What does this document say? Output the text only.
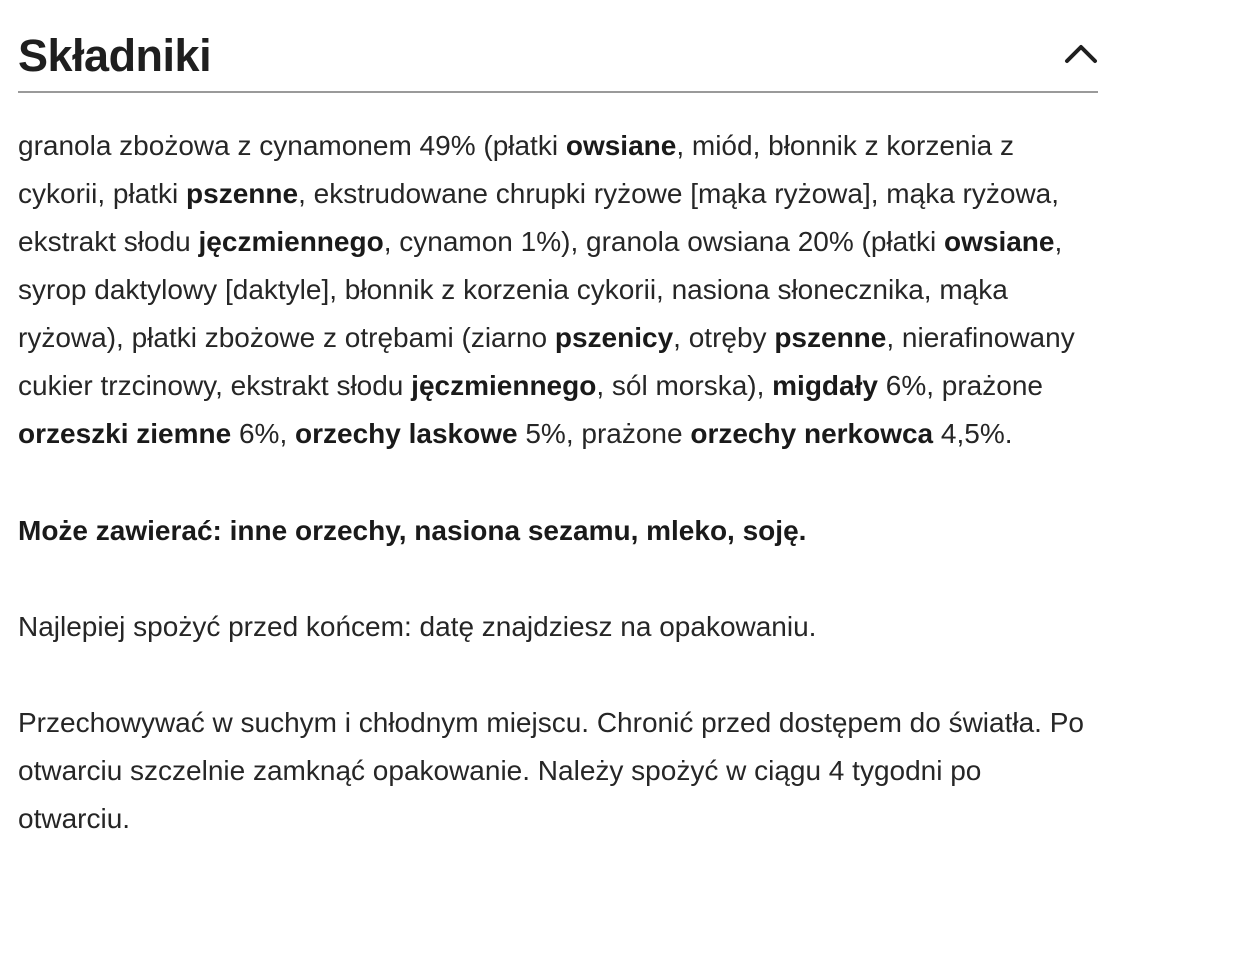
Składniki

granola zbożowa z cynamonem 49% (płatki owsiane, miód, błonnik z korzenia z cykorii, płatki pszenne, ekstrudowane chrupki ryżowe [mąka ryżowa], mąka ryżowa, ekstrakt słodu jęczmiennego, cynamon 1%), granola owsiana 20% (płatki owsiane, syrop daktylowy [daktyle], błonnik z korzenia cykorii, nasiona słonecznika, mąka ryżowa), płatki zbożowe z otrębami (ziarno pszenicy, otręby pszenne, nierafinowany cukier trzcinowy, ekstrakt słodu jęczmiennego, sól morska), migdały 6%, prażone orzeszki ziemne 6%, orzechy laskowe 5%, prażone orzechy nerkowca 4,5%.

Może zawierać: inne orzechy, nasiona sezamu, mleko, soję.

Najlepiej spożyć przed końcem: datę znajdziesz na opakowaniu.

Przechowywać w suchym i chłodnym miejscu. Chronić przed dostępem do światła. Po otwarciu szczelnie zamknąć opakowanie. Należy spożyć w ciągu 4 tygodni po otwarciu.
